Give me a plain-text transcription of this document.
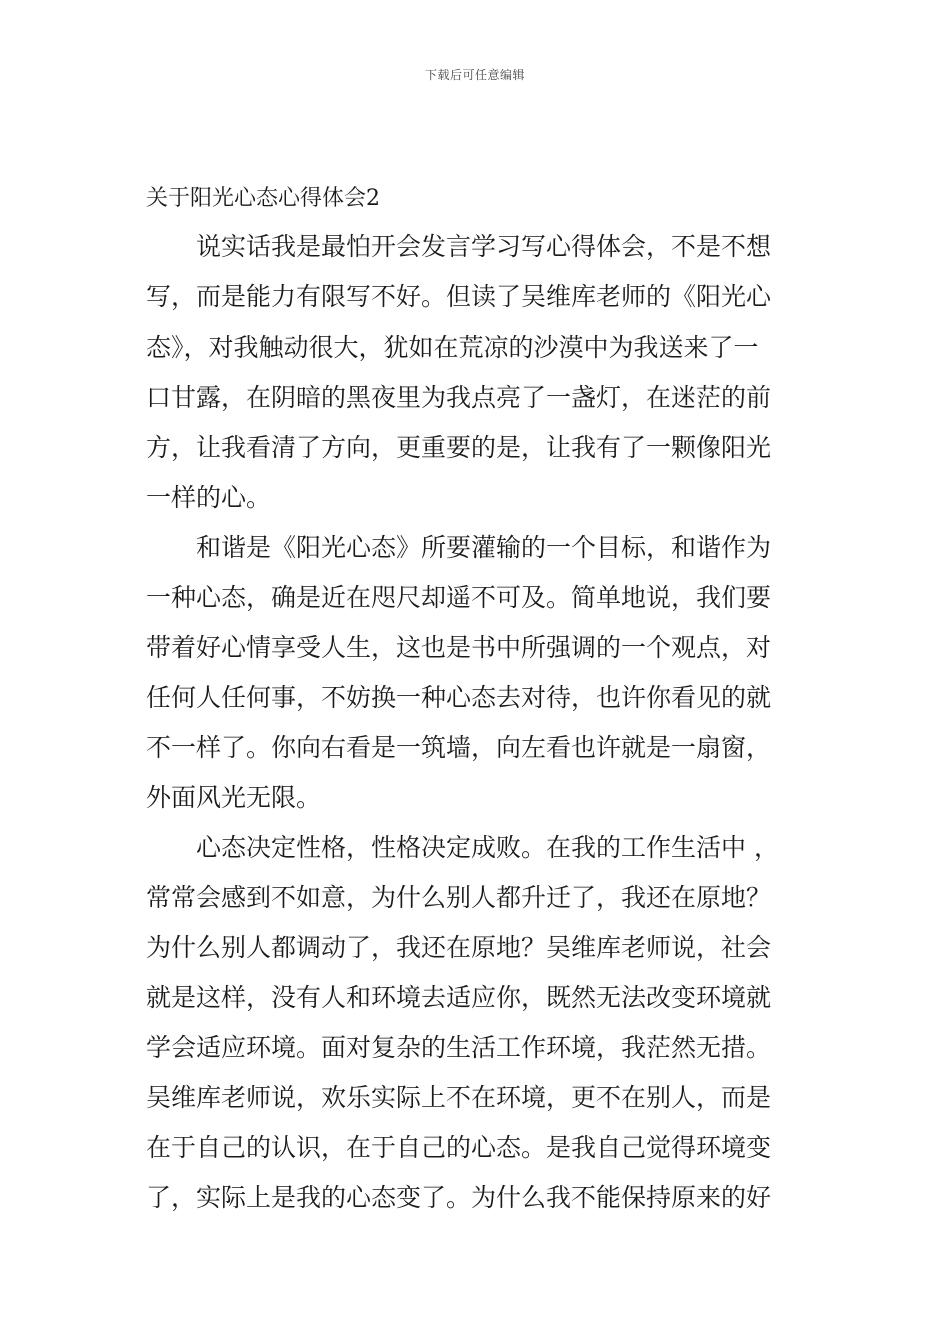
下载后可任意编辑
关于阳光心态心得体会2
　　说实话我是最怕开会发言学习写心得体会，不是不想
写，而是能力有限写不好。但读了吴维库老师的《阳光心
态》，对我触动很大，犹如在荒凉的沙漠中为我送来了一
口甘露，在阴暗的黑夜里为我点亮了一盏灯，在迷茫的前
方，让我看清了方向，更重要的是，让我有了一颗像阳光
一样的心。
　　和谐是《阳光心态》所要灌输的一个目标，和谐作为
一种心态，确是近在咫尺却遥不可及。简单地说，我们要
带着好心情享受人生，这也是书中所强调的一个观点，对
任何人任何事，不妨换一种心态去对待，也许你看见的就
不一样了。你向右看是一筑墙，向左看也许就是一扇窗，
外面风光无限。
　　心态决定性格，性格决定成败。在我的工作生活中 ，
常常会感到不如意，为什么别人都升迁了，我还在原地？
为什么别人都调动了，我还在原地？吴维库老师说，社会
就是这样，没有人和环境去适应你，既然无法改变环境就
学会适应环境。面对复杂的生活工作环境，我茫然无措。
吴维库老师说，欢乐实际上不在环境，更不在别人，而是
在于自己的认识，在于自己的心态。是我自己觉得环境变
了，实际上是我的心态变了。为什么我不能保持原来的好
